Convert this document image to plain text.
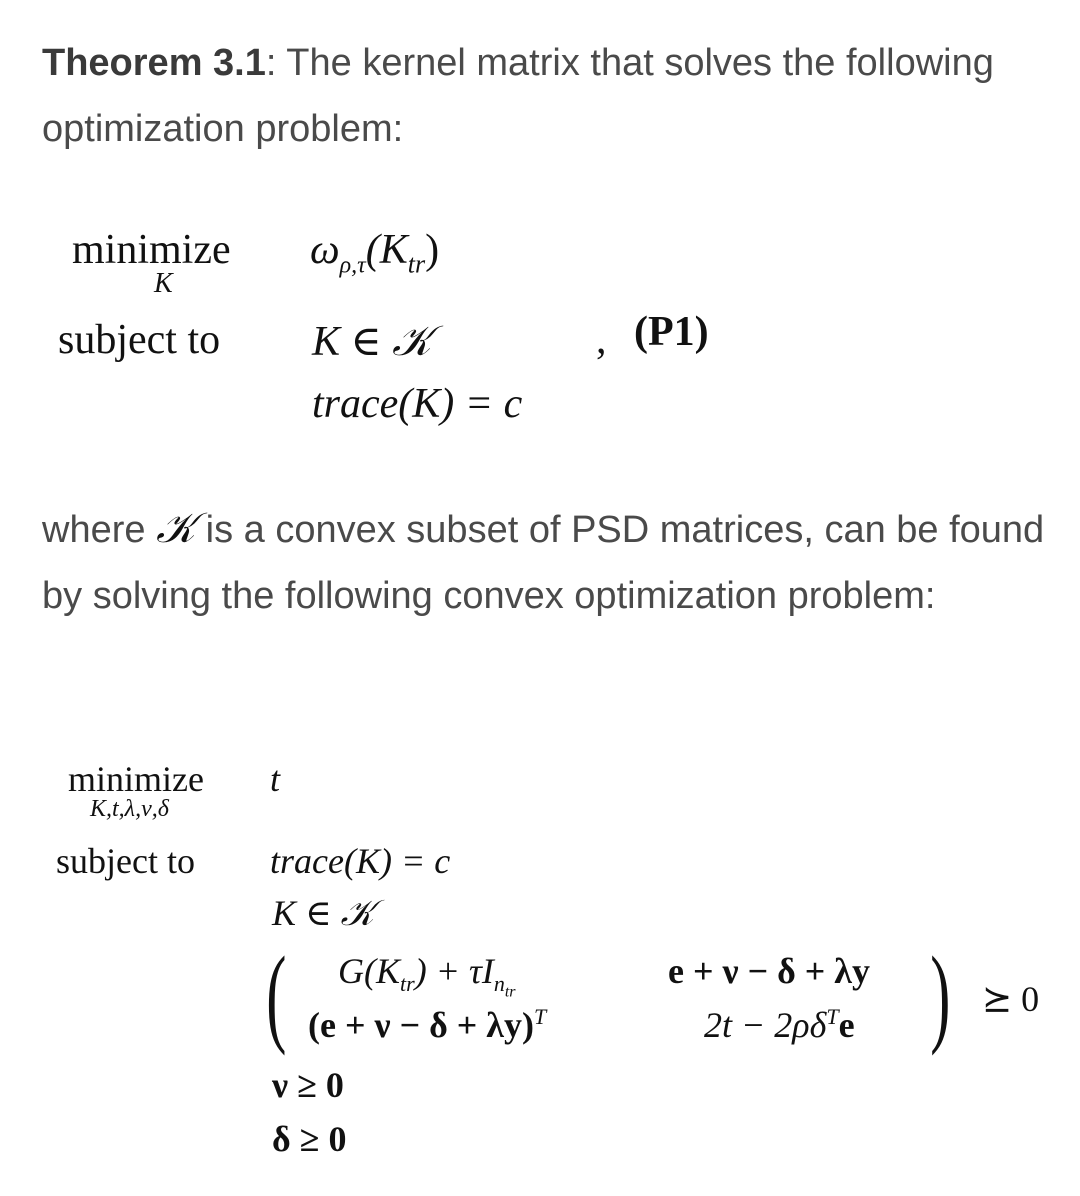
Theorem 3.1: The kernel matrix that solves the following optimization problem:
minimize
K
$\omega_{\rho,\tau}(K_{tr})$
subject to K ∈ 𝒦	, (P1)
trace(K) = c
where 𝒦 is a convex subset of PSD matrices, can be found by solving the following convex optimization problem:
minimize
K,t,λ,ν,δ
t
subject to trace(K) = c
K ∈ 𝒦
( $G(K_{tr}) + \tau I_{n_{tr}}$
e + ν − δ + λy
$(e + \nu - \delta + \lambda y)^T$	$2t - 2\rho\delta^Te$ ) ⪰ 0
ν ≥ 0
δ ≥ 0
